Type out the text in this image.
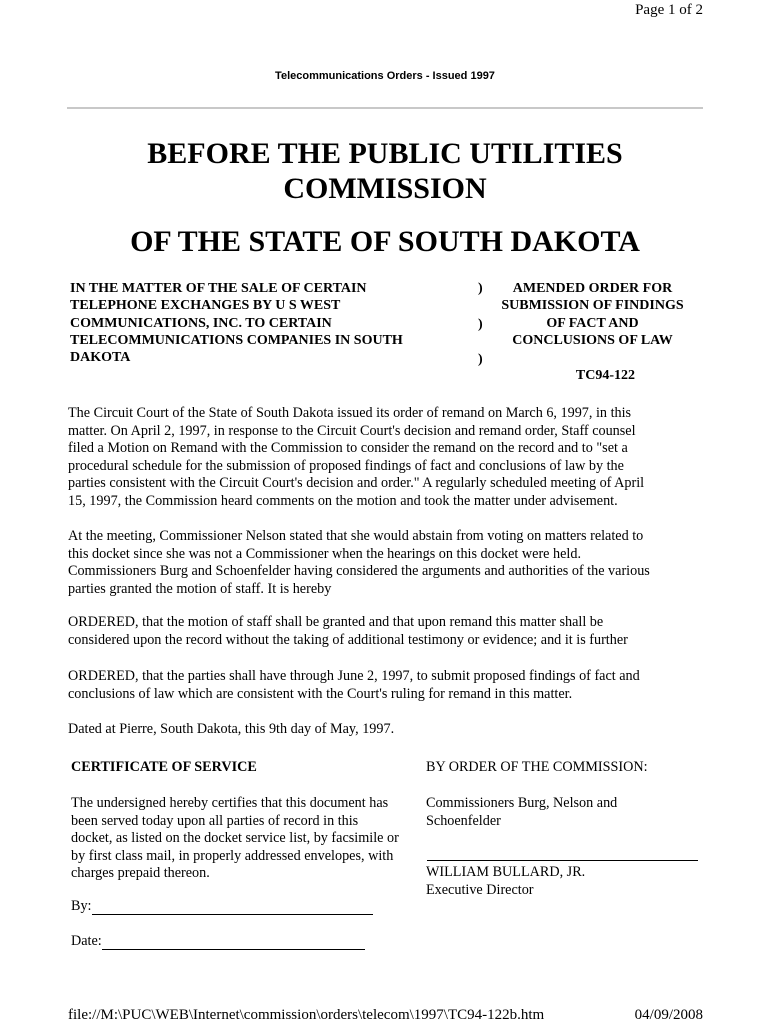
Page 1 of 2
Telecommunications Orders - Issued 1997
BEFORE THE PUBLIC UTILITIES
COMMISSION
OF THE STATE OF SOUTH DAKOTA
IN THE MATTER OF THE SALE OF CERTAIN
TELEPHONE EXCHANGES BY U S WEST
COMMUNICATIONS, INC. TO CERTAIN
TELECOMMUNICATIONS COMPANIES IN SOUTH
DAKOTA
)
)
)
AMENDED ORDER FOR
SUBMISSION OF FINDINGS
OF FACT AND
CONCLUSIONS OF LAW
TC94-122
The Circuit Court of the State of South Dakota issued its order of remand on March 6, 1997, in this
matter. On April 2, 1997, in response to the Circuit Court's decision and remand order, Staff counsel
filed a Motion on Remand with the Commission to consider the remand on the record and to "set a
procedural schedule for the submission of proposed findings of fact and conclusions of law by the
parties consistent with the Circuit Court's decision and order." A regularly scheduled meeting of April
15, 1997, the Commission heard comments on the motion and took the matter under advisement.
At the meeting, Commissioner Nelson stated that she would abstain from voting on matters related to
this docket since she was not a Commissioner when the hearings on this docket were held.
Commissioners Burg and Schoenfelder having considered the arguments and authorities of the various
parties granted the motion of staff. It is hereby
ORDERED, that the motion of staff shall be granted and that upon remand this matter shall be
considered upon the record without the taking of additional testimony or evidence; and it is further
ORDERED, that the parties shall have through June 2, 1997, to submit proposed findings of fact and
conclusions of law which are consistent with the Court's ruling for remand in this matter.
Dated at Pierre, South Dakota, this 9th day of May, 1997.
CERTIFICATE OF SERVICE	BY ORDER OF THE COMMISSION:
The undersigned hereby certifies that this document has
been served today upon all parties of record in this
docket, as listed on the docket service list, by facsimile or
by first class mail, in properly addressed envelopes, with
charges prepaid thereon.
Commissioners Burg, Nelson and
Schoenfelder
WILLIAM BULLARD, JR.
Executive Director
By:
Date:
file://M:\PUC\WEB\Internet\commission\orders\telecom\1997\TC94-122b.htm	04/09/2008
